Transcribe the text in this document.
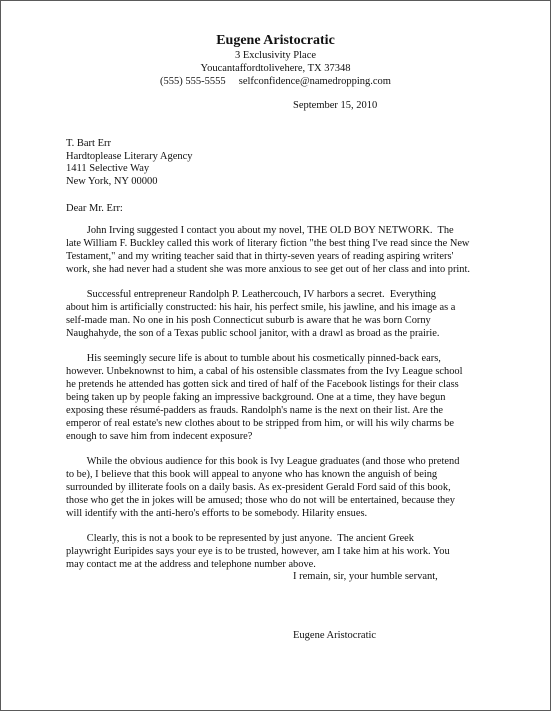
Eugene Aristocratic
3 Exclusivity Place
Youcantaffordtolivehere, TX 37348
(555) 555-5555     selfconfidence@namedropping.com
September 15, 2010
T. Bart Err
Hardtoplease Literary Agency
1411 Selective Way
New York, NY 00000
Dear Mr. Err:
John Irving suggested I contact you about my novel, THE OLD BOY NETWORK.  The
late William F. Buckley called this work of literary fiction "the best thing I've read since the New
Testament," and my writing teacher said that in thirty-seven years of reading aspiring writers'
work, she had never had a student she was more anxious to see get out of her class and into print.
Successful entrepreneur Randolph P. Leathercouch, IV harbors a secret.  Everything
about him is artificially constructed: his hair, his perfect smile, his jawline, and his image as a
self-made man. No one in his posh Connecticut suburb is aware that he was born Corny
Naughahyde, the son of a Texas public school janitor, with a drawl as broad as the prairie.
His seemingly secure life is about to tumble about his cosmetically pinned-back ears,
however. Unbeknownst to him, a cabal of his ostensible classmates from the Ivy League school
he pretends he attended has gotten sick and tired of half of the Facebook listings for their class
being taken up by people faking an impressive background. One at a time, they have begun
exposing these résumé-padders as frauds. Randolph's name is the next on their list. Are the
emperor of real estate's new clothes about to be stripped from him, or will his wily charms be
enough to save him from indecent exposure?
While the obvious audience for this book is Ivy League graduates (and those who pretend
to be), I believe that this book will appeal to anyone who has known the anguish of being
surrounded by illiterate fools on a daily basis. As ex-president Gerald Ford said of this book,
those who get the in jokes will be amused; those who do not will be entertained, because they
will identify with the anti-hero's efforts to be somebody. Hilarity ensues.
Clearly, this is not a book to be represented by just anyone.  The ancient Greek
playwright Euripides says your eye is to be trusted, however, am I take him at his work. You
may contact me at the address and telephone number above.
I remain, sir, your humble servant,
Eugene Aristocratic
